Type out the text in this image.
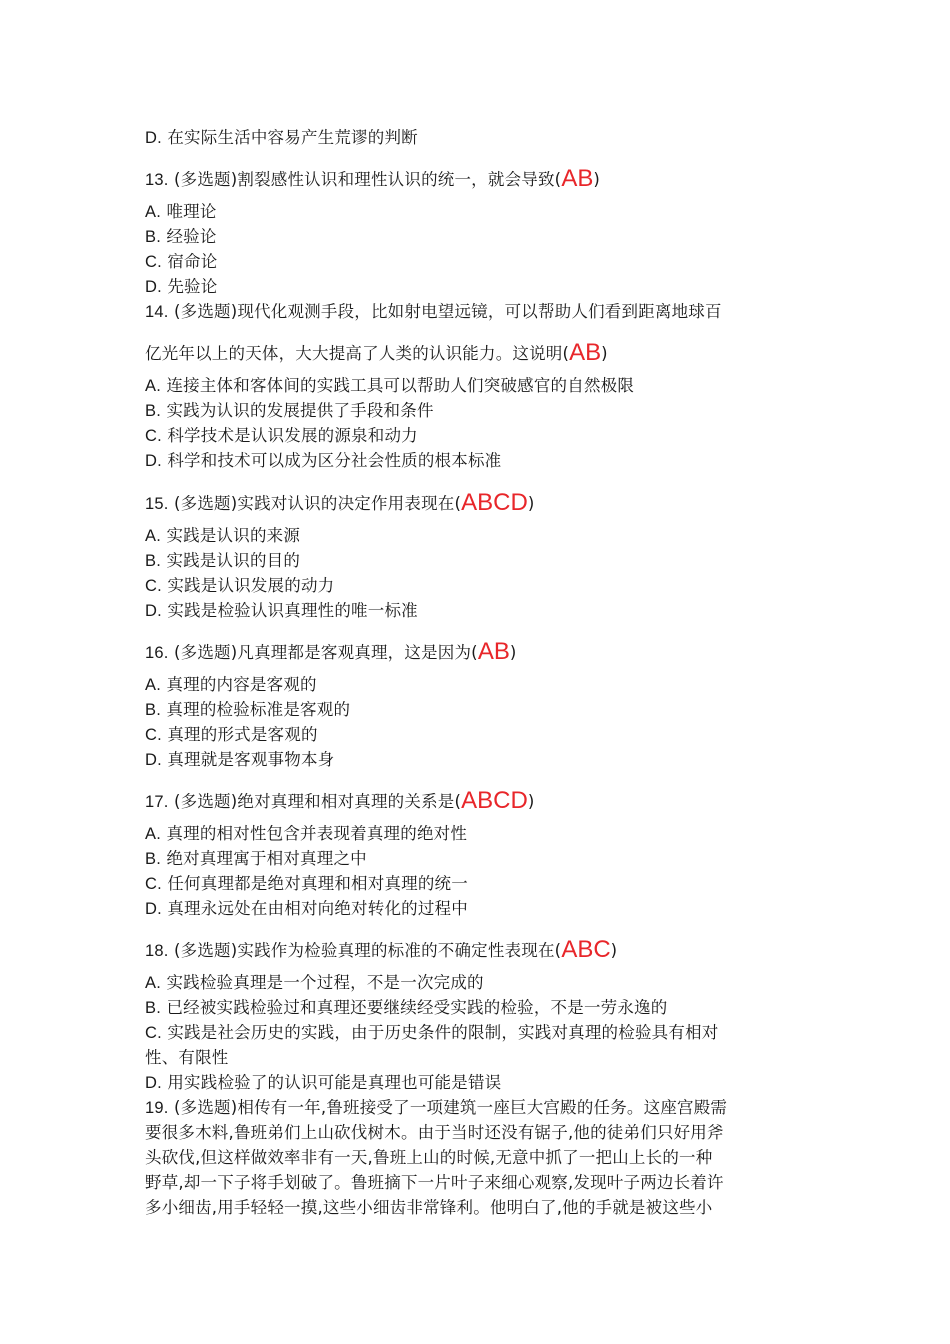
D. 在实际生活中容易产生荒谬的判断
13. (多选题)割裂感性认识和理性认识的统一，就会导致(AB)
A. 唯理论
B. 经验论
C. 宿命论
D. 先验论
14. (多选题)现代化观测手段，比如射电望远镜，可以帮助人们看到距离地球百
亿光年以上的天体，大大提高了人类的认识能力。这说明(AB)
A. 连接主体和客体间的实践工具可以帮助人们突破感官的自然极限
B. 实践为认识的发展提供了手段和条件
C. 科学技术是认识发展的源泉和动力
D. 科学和技术可以成为区分社会性质的根本标准
15. (多选题)实践对认识的决定作用表现在(ABCD)
A. 实践是认识的来源
B. 实践是认识的目的
C. 实践是认识发展的动力
D. 实践是检验认识真理性的唯一标准
16. (多选题)凡真理都是客观真理，这是因为(AB)
A. 真理的内容是客观的
B. 真理的检验标准是客观的
C. 真理的形式是客观的
D. 真理就是客观事物本身
17. (多选题)绝对真理和相对真理的关系是(ABCD)
A. 真理的相对性包含并表现着真理的绝对性
B. 绝对真理寓于相对真理之中
C. 任何真理都是绝对真理和相对真理的统一
D. 真理永远处在由相对向绝对转化的过程中
18. (多选题)实践作为检验真理的标准的不确定性表现在(ABC)
A. 实践检验真理是一个过程，不是一次完成的
B. 已经被实践检验过和真理还要继续经受实践的检验，不是一劳永逸的
C. 实践是社会历史的实践，由于历史条件的限制，实践对真理的检验具有相对
性、有限性
D. 用实践检验了的认识可能是真理也可能是错误
19. (多选题)相传有一年,鲁班接受了一项建筑一座巨大宫殿的任务。这座宫殿需
要很多木料,鲁班弟们上山砍伐树木。由于当时还没有锯子,他的徒弟们只好用斧
头砍伐,但这样做效率非有一天,鲁班上山的时候,无意中抓了一把山上长的一种
野草,却一下子将手划破了。鲁班摘下一片叶子来细心观察,发现叶子两边长着许
多小细齿,用手轻轻一摸,这些小细齿非常锋利。他明白了,他的手就是被这些小
